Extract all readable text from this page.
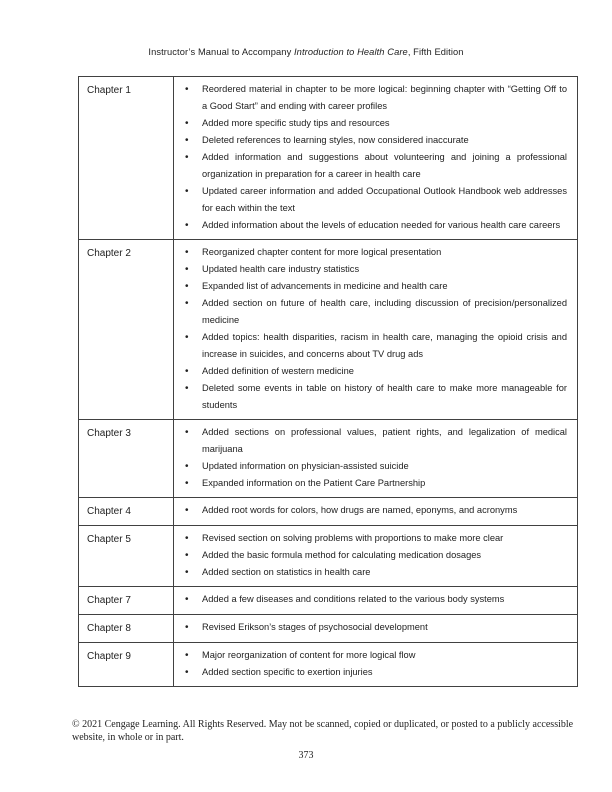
Instructor’s Manual to Accompany Introduction to Health Care, Fifth Edition
Chapter 1	
•Reordered material in chapter to be more logical: beginning chapter with “Getting Off to a Good Start” and ending with career profiles
• Added more specific study tips and resources
• Deleted references to learning styles, now considered inaccurate
• Added information and suggestions about volunteering and joining a professional organization in preparation for a career in health care
• Updated career information and added Occupational Outlook Handbook web addresses for each within the text
• Added information about the levels of education needed for various health care careers

Chapter 2	
•Reorganized chapter content for more logical presentation
• Updated health care industry statistics
• Expanded list of advancements in medicine and health care
• Added section on future of health care, including discussion of precision/personalized medicine
• Added topics: health disparities, racism in health care, managing the opioid crisis and increase in suicides, and concerns about TV drug ads
• Added definition of western medicine
• Deleted some events in table on history of health care to make more manageable for students

Chapter 3	
•Added sections on professional values, patient rights, and legalization of medical marijuana
• Updated information on physician-assisted suicide
• Expanded information on the Patient Care Partnership

Chapter 4	
•Added root words for colors, how drugs are named, eponyms, and acronyms

Chapter 5	
•Revised section on solving problems with proportions to make more clear
• Added the basic formula method for calculating medication dosages
• Added section on statistics in health care

Chapter 7	
•Added a few diseases and conditions related to the various body systems

Chapter 8	
•Revised Erikson’s stages of psychosocial development

Chapter 9	
•Major reorganization of content for more logical flow
• Added section specific to exertion injuries
© 2021 Cengage Learning. All Rights Reserved. May not be scanned, copied or duplicated, or posted to a publicly accessible website, in whole or in part.
373
